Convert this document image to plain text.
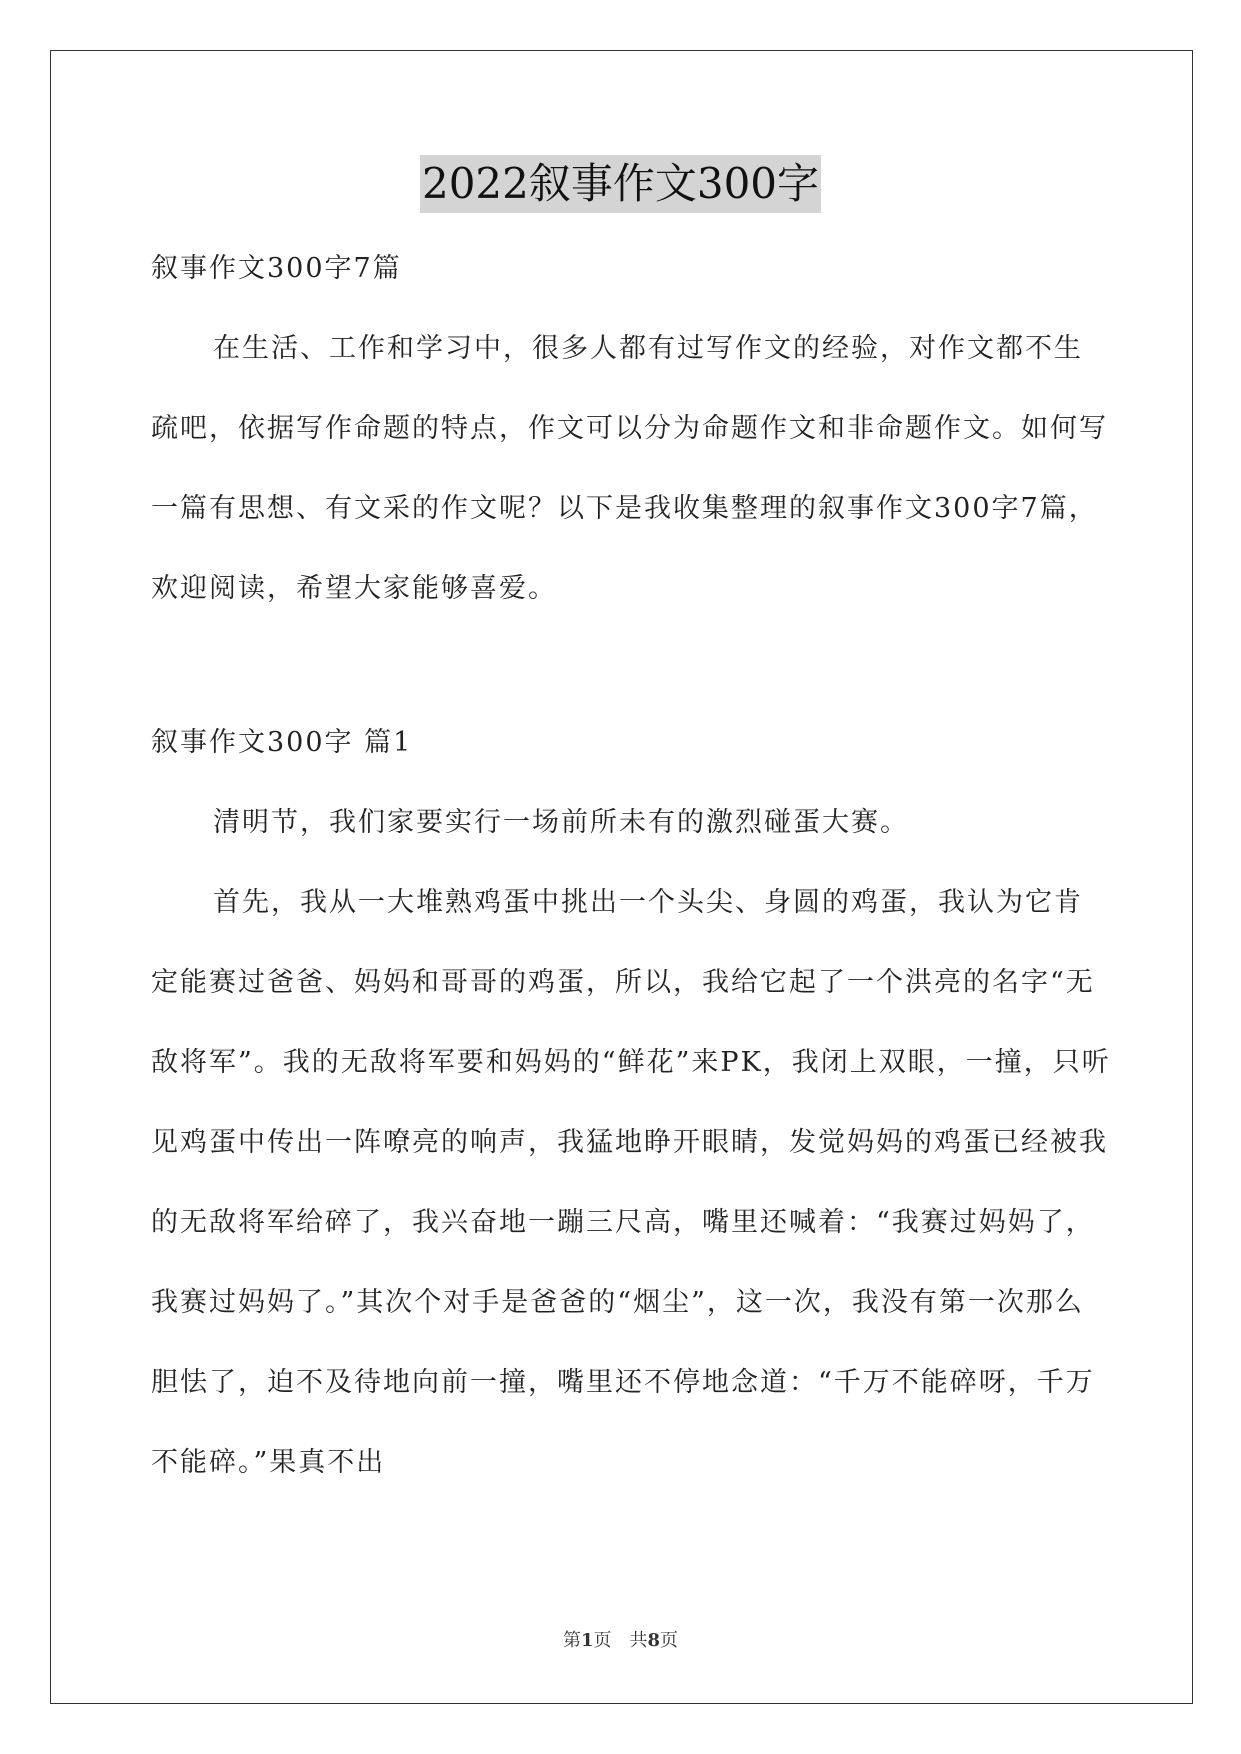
2022叙事作文300字

叙事作文300字7篇

在生活、工作和学习中，很多人都有过写作文的经验，对作文都不生疏吧，依据写作命题的特点，作文可以分为命题作文和非命题作文。如何写一篇有思想、有文采的作文呢？以下是我收集整理的叙事作文300字7篇，欢迎阅读，希望大家能够喜爱。

叙事作文300字 篇1

清明节，我们家要实行一场前所未有的激烈碰蛋大赛。

首先，我从一大堆熟鸡蛋中挑出一个头尖、身圆的鸡蛋，我认为它肯定能赛过爸爸、妈妈和哥哥的鸡蛋，所以，我给它起了一个洪亮的名字“无敌将军”。我的无敌将军要和妈妈的“鲜花”来PK，我闭上双眼，一撞，只听见鸡蛋中传出一阵嘹亮的响声，我猛地睁开眼睛，发觉妈妈的鸡蛋已经被我的无敌将军给碎了，我兴奋地一蹦三尺高，嘴里还喊着：“我赛过妈妈了，我赛过妈妈了。”其次个对手是爸爸的“烟尘”，这一次，我没有第一次那么胆怯了，迫不及待地向前一撞，嘴里还不停地念道：“千万不能碎呀，千万不能碎。”果真不出

第1页　共8页
